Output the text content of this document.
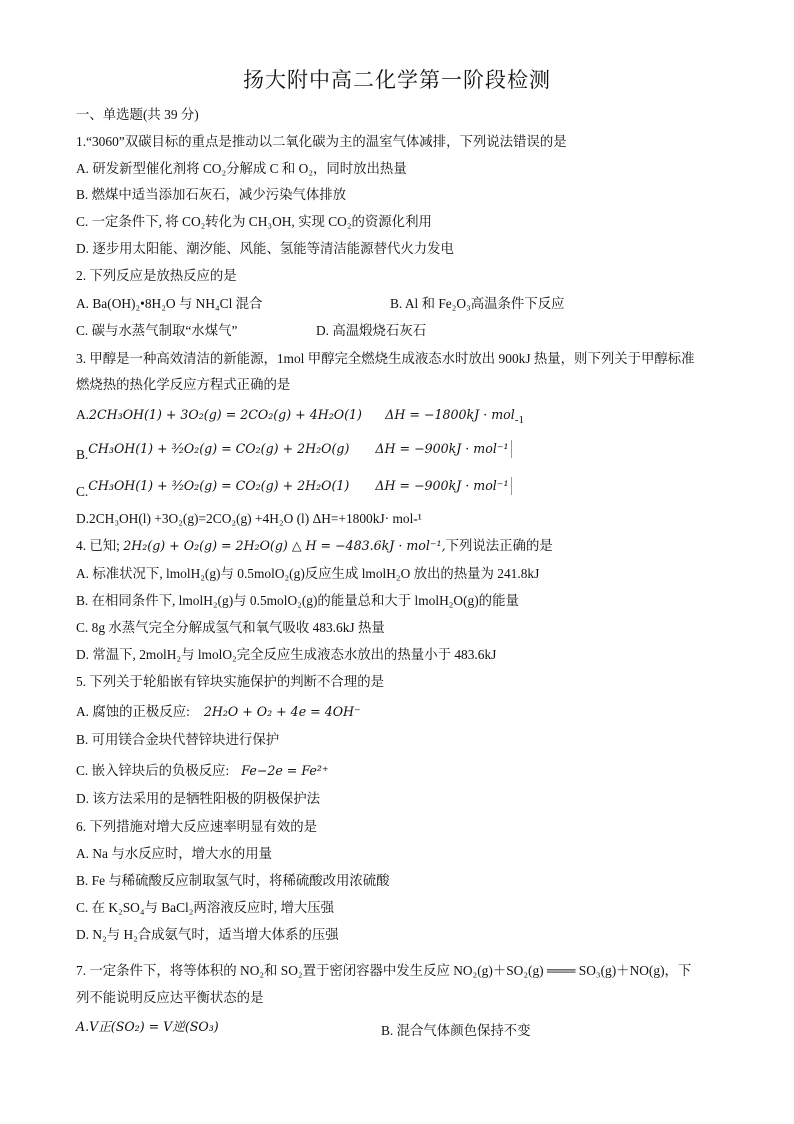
扬大附中高二化学第一阶段检测
一、单选题(共 39 分)
1.“3060”双碳目标的重点是推动以二氧化碳为主的温室气体减排，下列说法错误的是
A. 研发新型催化剂将 CO₂分解成 C 和 O₂，同时放出热量
B. 燃煤中适当添加石灰石，减少污染气体排放
C. 一定条件下, 将 CO₂转化为 CH₃OH, 实现 CO₂的资源化利用
D. 逐步用太阳能、潮汐能、风能、氢能等清洁能源替代火力发电
2. 下列反应是放热反应的是
A. Ba(OH)₂•8H₂O 与 NH₄Cl 混合	B. Al 和 Fe₂O₃高温条件下反应
C. 碳与水蒸气制取“水煤气”	D. 高温煅烧石灰石
3. 甲醇是一种高效清洁的新能源，1mol 甲醇完全燃烧生成液态水时放出 900kJ 热量，则下列关于甲醇标准
燃烧热的热化学反应方程式正确的是
A.2CH₃OH(1) + 3O₂(g) = 2CO₂(g) + 4H₂O(1) ΔH = −1800kJ · mol$_{-1}$
B.CH₃OH(1) + ³⁄₂O₂(g) = CO₂(g) + 2H₂O(g) ΔH = −900kJ · mol⁻¹
C.CH₃OH(1) + ³⁄₂O₂(g) = CO₂(g) + 2H₂O(1) ΔH = −900kJ · mol⁻¹
D.2CH₃OH(l) +3O₂(g)=2CO₂(g) +4H₂O (l) ΔH=+1800kJ· mol-¹
4. 已知; 2H₂(g) + O₂(g) = 2H₂O(g) △ H = −483.6kJ · mol⁻¹,下列说法正确的是
A. 标准状况下, lmolH₂(g)与 0.5molO₂(g)反应生成 lmolH₂O 放出的热量为 241.8kJ
B. 在相同条件下, lmolH₂(g)与 0.5molO₂(g)的能量总和大于 lmolH₂O(g)的能量
C. 8g 水蒸气完全分解成氢气和氧气吸收 483.6kJ 热量
D. 常温下, 2molH₂与 lmolO₂完全反应生成液态水放出的热量小于 483.6kJ
5. 下列关于轮船嵌有锌块实施保护的判断不合理的是
A. 腐蚀的正极反应: 2H₂O + O₂ + 4e = 4OH⁻
B. 可用镁合金块代替锌块进行保护
C. 嵌入锌块后的负极反应: Fe−2e = Fe²⁺
D. 该方法采用的是牺牲阳极的阴极保护法
6. 下列措施对增大反应速率明显有效的是
A. Na 与水反应时，增大水的用量
B. Fe 与稀硫酸反应制取氢气时，将稀硫酸改用浓硫酸
C. 在 K₂SO₄与 BaCl₂两溶液反应时, 增大压强
D. N₂与 H₂合成氨气时，适当增大体系的压强
7. 一定条件下，将等体积的 NO₂和 SO₂置于密闭容器中发生反应 NO₂(g)＋SO₂(g) ═══ SO₃(g)＋NO(g)，下
列不能说明反应达平衡状态的是
A.V正(SO₂) = V逆(SO₃)	B. 混合气体颜色保持不变
